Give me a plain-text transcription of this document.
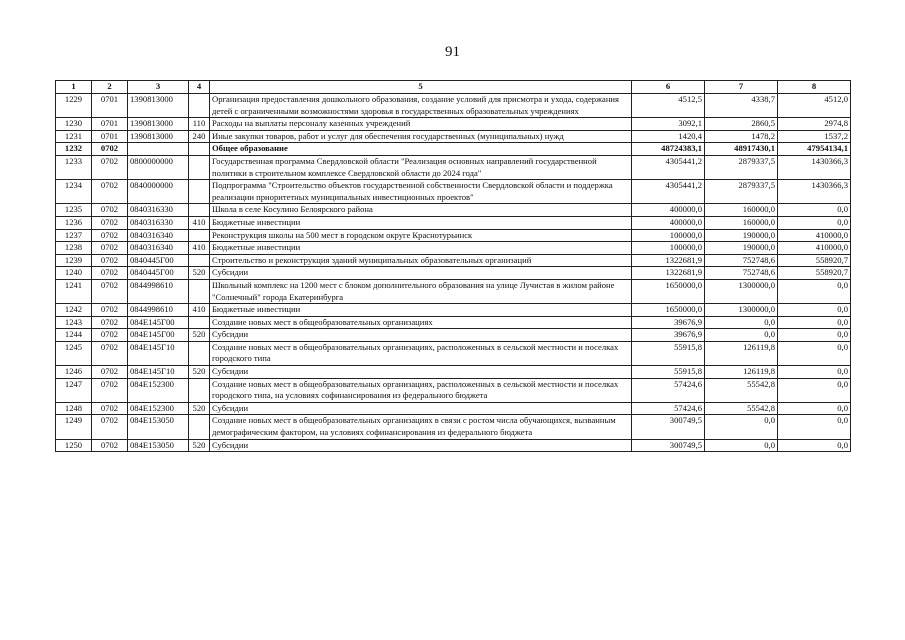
91
1	2	3	4	5	6	7	8
1229	0701	1390813000		Организация предоставления дошкольного образования, создание условий для присмотра и ухода, содержания детей с ограниченными возможностями здоровья в государственных образовательных учреждениях	4512,5	4338,7	4512,0
1230	0701	1390813000	110	Расходы на выплаты персоналу казенных учреждений	3092,1	2860,5	2974,8
1231	0701	1390813000	240	Иные закупки товаров, работ и услуг для обеспечения государственных (муниципальных) нужд	1420,4	1478,2	1537,2
1232	0702			Общее образование	48724383,1	48917430,1	47954134,1
1233	0702	0800000000		Государственная программа Свердловской области "Реализация основных направлений государственной политики в строительном комплексе Свердловской области до 2024 года"	4305441,2	2879337,5	1430366,3
1234	0702	0840000000		Подпрограмма "Строительство объектов государственной собственности Свердловской области и поддержка реализации приоритетных муниципальных инвестиционных проектов"	4305441,2	2879337,5	1430366,3
1235	0702	0840316330		Школа в селе Косулино Белоярского района	400000,0	160000,0	0,0
1236	0702	0840316330	410	Бюджетные инвестиции	400000,0	160000,0	0,0
1237	0702	0840316340		Реконструкция школы на 500 мест в городском округе Краснотурьинск	100000,0	190000,0	410000,0
1238	0702	0840316340	410	Бюджетные инвестиции	100000,0	190000,0	410000,0
1239	0702	0840445Г00		Строительство и реконструкция зданий муниципальных образовательных организаций	1322681,9	752748,6	558920,7
1240	0702	0840445Г00	520	Субсидии	1322681,9	752748,6	558920,7
1241	0702	0844998610		Школьный комплекс на 1200 мест с блоком дополнительного образования на улице Лучистая в жилом районе "Солнечный" города Екатеринбурга	1650000,0	1300000,0	0,0
1242	0702	0844998610	410	Бюджетные инвестиции	1650000,0	1300000,0	0,0
1243	0702	084E145Г00		Создание новых мест в общеобразовательных организациях	39676,9	0,0	0,0
1244	0702	084E145Г00	520	Субсидии	39676,9	0,0	0,0
1245	0702	084E145Г10		Создание новых мест в общеобразовательных организациях, расположенных в сельской местности и поселках городского типа	55915,8	126119,8	0,0
1246	0702	084E145Г10	520	Субсидии	55915,8	126119,8	0,0
1247	0702	084E152300		Создание новых мест в общеобразовательных организациях, расположенных в сельской местности и поселках городского типа, на условиях софинансирования из федерального бюджета	57424,6	55542,8	0,0
1248	0702	084E152300	520	Субсидии	57424,6	55542,8	0,0
1249	0702	084E153050		Создание новых мест в общеобразовательных организациях в связи с ростом числа обучающихся, вызванным демографическим фактором, на условиях софинансирования из федерального бюджета	300749,5	0,0	0,0
1250	0702	084E153050	520	Субсидии	300749,5	0,0	0,0
